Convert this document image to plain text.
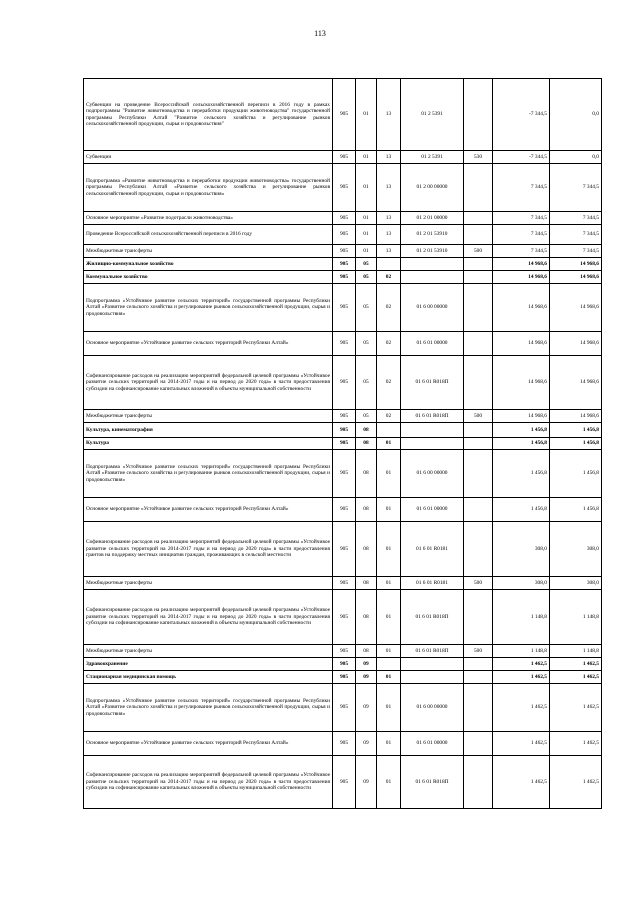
113
Субвенции на проведение Всероссийской сельскохозяйственной переписи в 2016 году в рамках подпрограммы "Развитие животноводства и переработки продукции животноводства" государственной программы Республики Алтай "Развитие сельского хозяйства и регулирование рынков сельскохозяйственной продукции, сырья и продовольствия"	905	01	13	01 2 5391		-7 344,5	0,0
Субвенции	905	01	13	01 2 5391	530	-7 344,5	0,0
Подпрограмма «Развитие животноводства и переработки продукции животноводства» государственной программы Республики Алтай «Развитие сельского хозяйства и регулирование рынков сельскохозяйственной продукции, сырья и продовольствия»	905	01	13	01 2 00 00000		7 344,5	7 344,5
Основное мероприятие «Развитие подотрасли животноводства»	905	01	13	01 2 01 00000		7 344,5	7 344,5
Проведение Всероссийской сельскохозяйственной переписи в 2016 году	905	01	13	01 2 01 53910		7 344,5	7 344,5
Межбюджетные трансферты	905	01	13	01 2 01 53910	500	7 344,5	7 344,5
Жилищно-коммунальное хозяйство	905	05				14 968,6	14 968,6
Коммунальное хозяйство	905	05	02			14 968,6	14 968,6
Подпрограмма «Устойчивое развитие сельских территорий» государственной программы Республики Алтай «Развитие сельского хозяйства и регулирование рынков сельскохозяйственной продукции, сырья и продовольствия»	905	05	02	01 6 00 00000		14 968,6	14 968,6
Основное мероприятие «Устойчивое развитие сельских территорий Республики Алтай»	905	05	02	01 6 01 00000		14 968,6	14 968,6
Софинансирование расходов на реализацию мероприятий федеральной целевой программы «Устойчивое развитие сельских территорий на 2014-2017 годы и на период до 2020 года» в части предоставления субсидии на софинансирование капитальных вложений в объекты муниципальной собственности	905	05	02	01 6 01 R018П		14 968,6	14 968,6
Межбюджетные трансферты	905	05	02	01 6 01 R018П	500	14 968,6	14 968,6
Культура, кинематография	905	08				1 456,8	1 456,8
Культура	905	08	01			1 456,8	1 456,8
Подпрограмма «Устойчивое развитие сельских территорий» государственной программы Республики Алтай «Развитие сельского хозяйства и регулирование рынков сельскохозяйственной продукции, сырья и продовольствия»	905	08	01	01 6 00 00000		1 456,8	1 456,8
Основное мероприятие «Устойчивое развитие сельских территорий Республики Алтай»	905	08	01	01 6 01 00000		1 456,8	1 456,8
Софинансирование расходов на реализацию мероприятий федеральной целевой программы «Устойчивое развитие сельских территорий на 2014-2017 годы и на период до 2020 года» в части предоставления грантов на поддержку местных инициатив граждан, проживающих в сельской местности	905	08	01	01 6 01 R0181		308,0	308,0
Межбюджетные трансферты	905	08	01	01 6 01 R0181	500	308,0	308,0
Софинансирование расходов на реализацию мероприятий федеральной целевой программы «Устойчивое развитие сельских территорий на 2014-2017 годы и на период до 2020 года» в части предоставления субсидии на софинансирование капитальных вложений в объекты муниципальной собственности	905	08	01	01 6 01 R018П		1 148,8	1 148,8
Межбюджетные трансферты	905	08	01	01 6 01 R018П	500	1 148,8	1 148,8
Здравоохранение	905	09				1 462,5	1 462,5
Стационарная медицинская помощь	905	09	01			1 462,5	1 462,5
Подпрограмма «Устойчивое развитие сельских территорий» государственной программы Республики Алтай «Развитие сельского хозяйства и регулирование рынков сельскохозяйственной продукции, сырья и продовольствия»	905	09	01	01 6 00 00000		1 462,5	1 462,5
Основное мероприятие «Устойчивое развитие сельских территорий Республики Алтай»	905	09	01	01 6 01 00000		1 462,5	1 462,5
Софинансирование расходов на реализацию мероприятий федеральной целевой программы «Устойчивое развитие сельских территорий на 2014-2017 годы и на период до 2020 года» в части предоставления субсидии на софинансирование капитальных вложений в объекты муниципальной собственности	905	09	01	01 6 01 R018П		1 462,5	1 462,5
